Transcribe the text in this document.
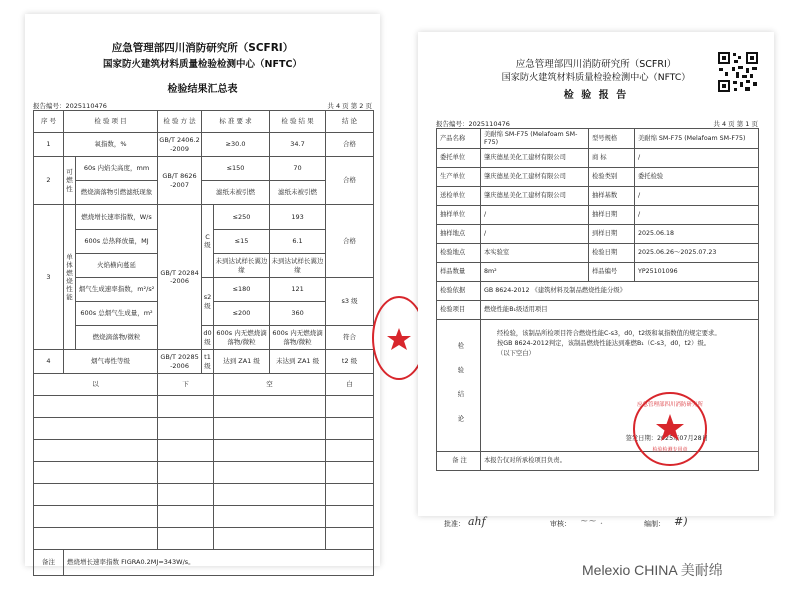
应急管理部四川消防研究所（SCFRI）
国家防火建筑材料质量检验检测中心（NFTC）
检验结果汇总表
报告编号：2025110476	共 4 页 第 2 页
序 号	检 验 项 目		检 验 方 法	标 准 要 求		检 验 结 果	结 论
1	氧指数，%		GB/T 2406.2 -2009	≥30.0		34.7	合格
2	可燃性	60s 内焰尖高度，mm	GB/T 8626 -2007	≤150		70	合格
		燃烧滴落物引燃滤纸现象		滤纸未被引燃		滤纸未被引燃	
3	单体燃烧性能	燃烧增长速率指数，W/s	GB/T 20284 -2006	C 级	≤250	193	合格
		600s 总热释放量，MJ			≤15	6.1	
		火焰横向蔓延			未到达试样长翼边缘	未到达试样长翼边缘	
		烟气生成速率指数，m²/s²		s2 级	≤180	121	s3 级
		600s 总烟气生成量，m²			≤200	360	
		燃烧滴落物/微粒		d0 级	600s 内无燃烧滴落物/微粒	600s 内无燃烧滴落物/微粒	符合
4	烟气毒性等级		GB/T 20285 -2006	t1 级	达到 ZA1 级	未达到 ZA1 级	t2 级
以			下		空		白

备注	燃烧增长速率指数 FIGRA0.2MJ=343W/s。						
应急管理部四川消防研究所（SCFRI）
国家防火建筑材料质量检验检测中心（NFTC）
检 验 报 告
报告编号：2025110476	共 4 页 第 1 页
产品名称	美耐绵 SM-F75 (Melafoam SM-F75)	型号规格	美耐绵 SM-F75 (Melafoam SM-F75)
委托单位	肇庆德星美化工建材有限公司	商 标	/
生产单位	肇庆德星美化工建材有限公司	检验类别	委托检验
送检单位	肇庆德星美化工建材有限公司	抽样基数	/
抽样单位	/	抽样日期	/
抽样地点	/	到样日期	2025.06.18
检验地点	本实验室	检验日期	2025.06.26～2025.07.23
样品数量	8m²	样品编号	YP25101096
检验依据	GB 8624-2012 《建筑材料及制品燃烧性能分级》		
检验项目	燃烧性能B₁级适用项目		
检 验 结 论	经检验，该制品所检项目符合燃烧性能C-s3，d0，t2级和氧指数值的规定要求。
按GB 8624-2012判定，该制品燃烧性能达到难燃B₁（C-s3，d0，t2）级。
（以下空白）
签发日期：2025年07月28日		

备 注	本报告仅对所承检项目负责。		
应急管理部四川消防研究所
检验检测专用章
批准： ahf	审核： ~~ .	编制： #)
Melexio CHINA 美耐绵
